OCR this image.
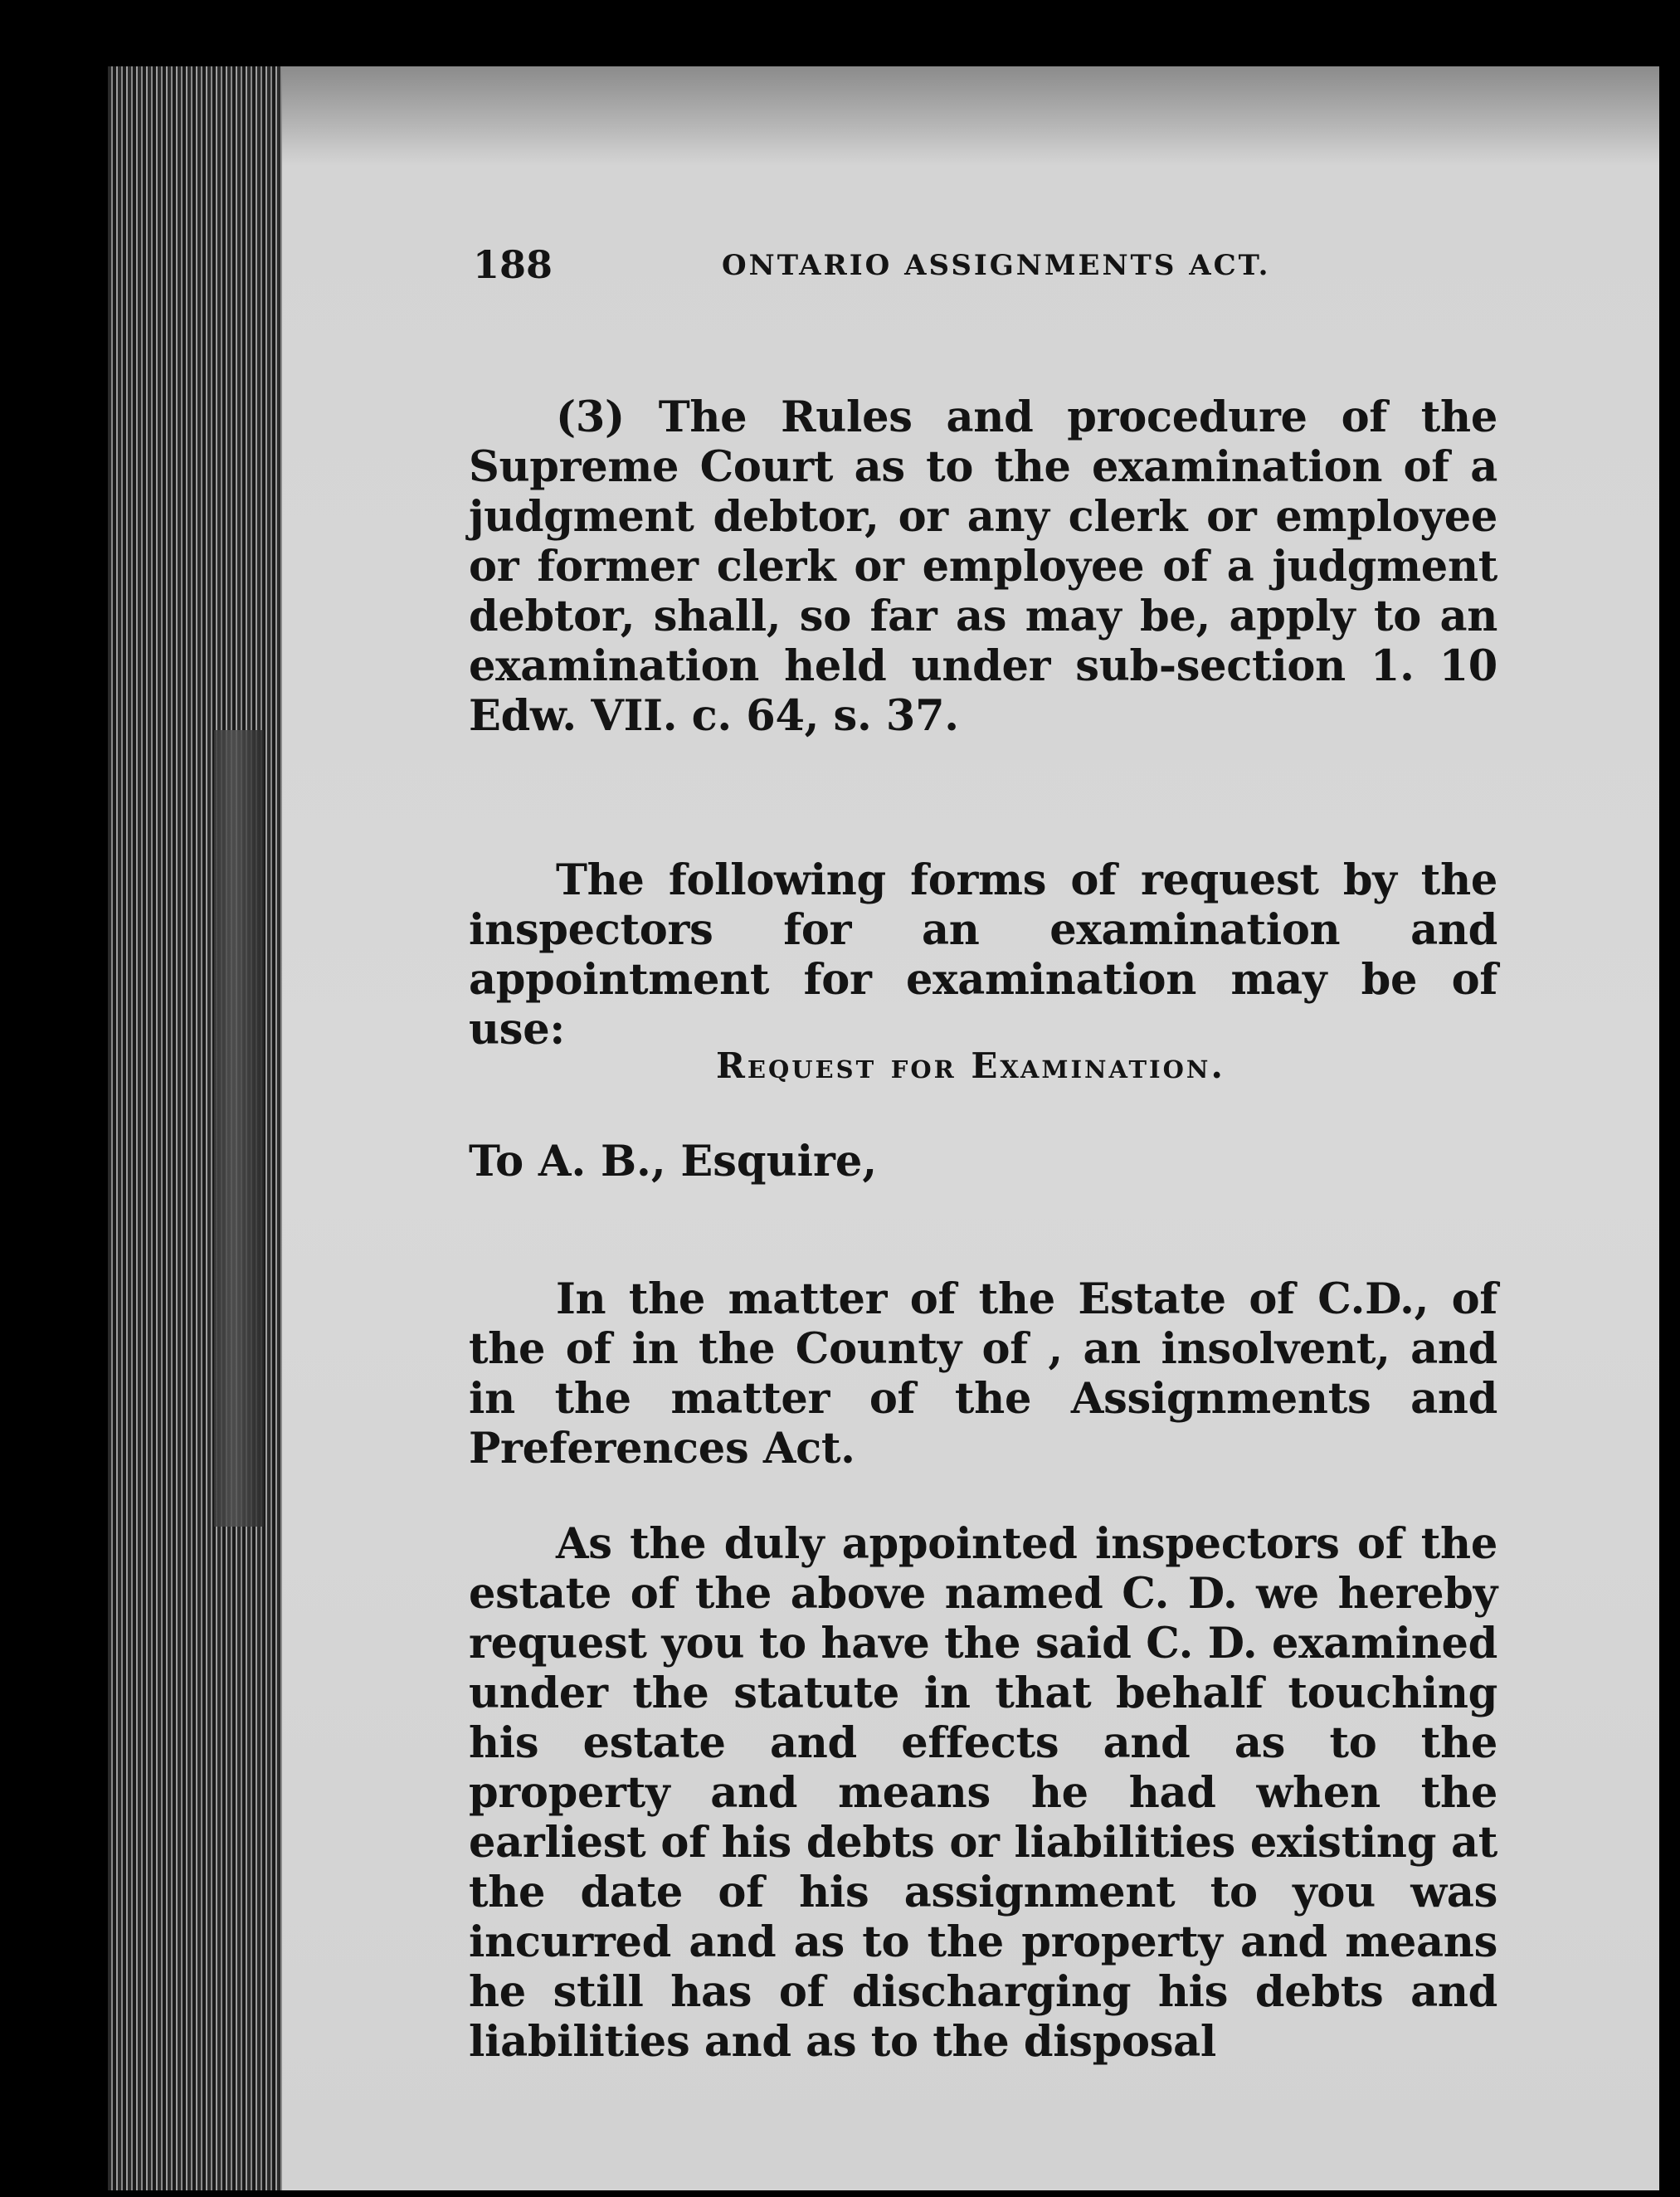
188	ONTARIO ASSIGNMENTS ACT.

(3) The Rules and procedure of the Supreme Court as to the examination of a judgment debtor, or any clerk or employee or former clerk or employee of a judgment debtor, shall, so far as may be, apply to an examination held under sub-section 1. 10 Edw. VII. c. 64, s. 37.

The following forms of request by the inspectors for an examination and appointment for examination may be of use:

Request for Examination.
To A. B., Esquire,

In the matter of the Estate of C.D., of the of in the County of , an insolvent, and in the matter of the Assignments and Preferences Act.

As the duly appointed inspectors of the estate of the above named C. D. we hereby request you to have the said C. D. examined under the statute in that behalf touching his estate and effects and as to the property and means he had when the earliest of his debts or liabilities existing at the date of his assignment to you was incurred and as to the property and means he still has of discharging his debts and liabilities and as to the disposal
